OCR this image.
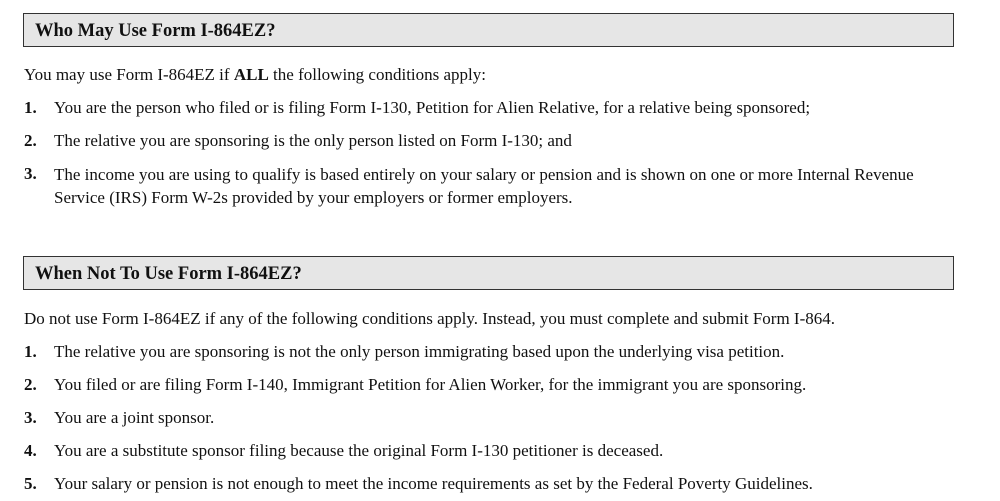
Who May Use Form I-864EZ?
You may use Form I-864EZ if ALL the following conditions apply:
1. You are the person who filed or is filing Form I-130, Petition for Alien Relative, for a relative being sponsored;
2. The relative you are sponsoring is the only person listed on Form I-130; and
3. The income you are using to qualify is based entirely on your salary or pension and is shown on one or more Internal Revenue Service (IRS) Form W-2s provided by your employers or former employers.
When Not To Use Form I-864EZ?
Do not use Form I-864EZ if any of the following conditions apply. Instead, you must complete and submit Form I-864.
1. The relative you are sponsoring is not the only person immigrating based upon the underlying visa petition.
2. You filed or are filing Form I-140, Immigrant Petition for Alien Worker, for the immigrant you are sponsoring.
3. You are a joint sponsor.
4. You are a substitute sponsor filing because the original Form I-130 petitioner is deceased.
5. Your salary or pension is not enough to meet the income requirements as set by the Federal Poverty Guidelines.
